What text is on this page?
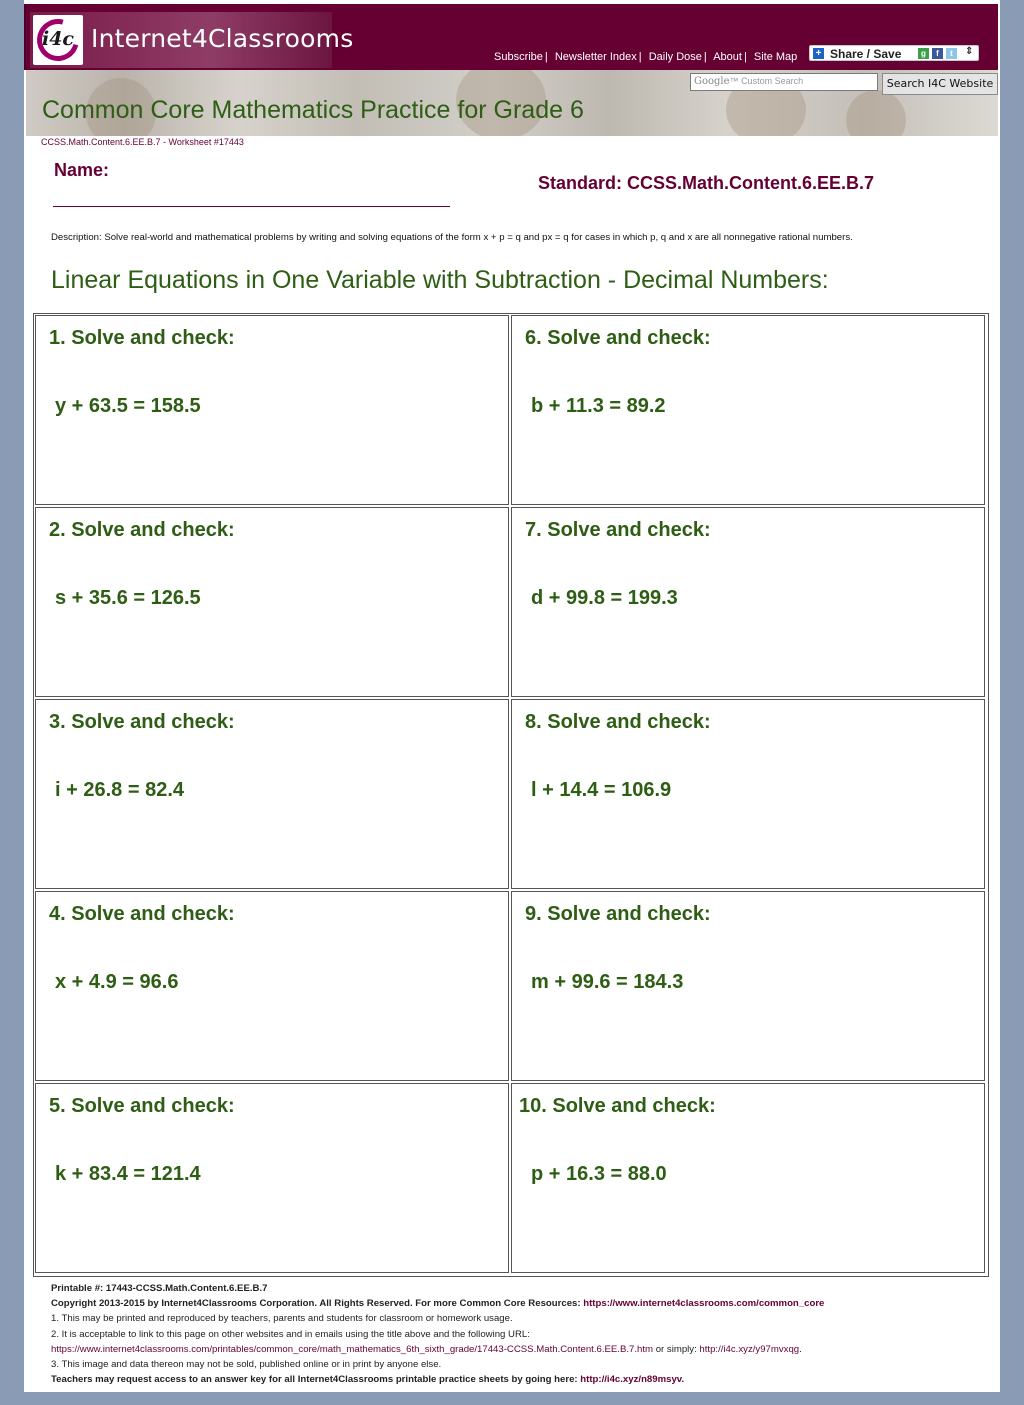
i4c Internet4Classrooms
Subscribe | Newsletter Index | Daily Dose | About | Site Map + Share / Save	g	f	t	⇕
Common Core Mathematics Practice for Grade 6
Google™ Custom Search	Search I4C Website
CCSS.Math.Content.6.EE.B.7 - Worksheet #17443
Name:
Standard: CCSS.Math.Content.6.EE.B.7
Description: Solve real-world and mathematical problems by writing and solving equations of the form x + p = q and px = q for cases in which p, q and x are all nonnegative rational numbers.
Linear Equations in One Variable with Subtraction - Decimal Numbers:
1. Solve and check:
y + 63.5 = 158.5
6. Solve and check:
b + 11.3 = 89.2
2. Solve and check:
s + 35.6 = 126.5
7. Solve and check:
d + 99.8 = 199.3
3. Solve and check:
i + 26.8 = 82.4
8. Solve and check:
l + 14.4 = 106.9
4. Solve and check:
x + 4.9 = 96.6
9. Solve and check:
m + 99.6 = 184.3
5. Solve and check:
k + 83.4 = 121.4
10. Solve and check:
p + 16.3 = 88.0
Printable #: 17443-CCSS.Math.Content.6.EE.B.7
Copyright 2013-2015 by Internet4Classrooms Corporation. All Rights Reserved. For more Common Core Resources: https://www.internet4classrooms.com/common_core
1. This may be printed and reproduced by teachers, parents and students for classroom or homework usage.
2. It is acceptable to link to this page on other websites and in emails using the title above and the following URL:
https://www.internet4classrooms.com/printables/common_core/math_mathematics_6th_sixth_grade/17443-CCSS.Math.Content.6.EE.B.7.htm or simply: http://i4c.xyz/y97mvxqg.
3. This image and data thereon may not be sold, published online or in print by anyone else.
Teachers may request access to an answer key for all Internet4Classrooms printable practice sheets by going here: http://i4c.xyz/n89msyv.
